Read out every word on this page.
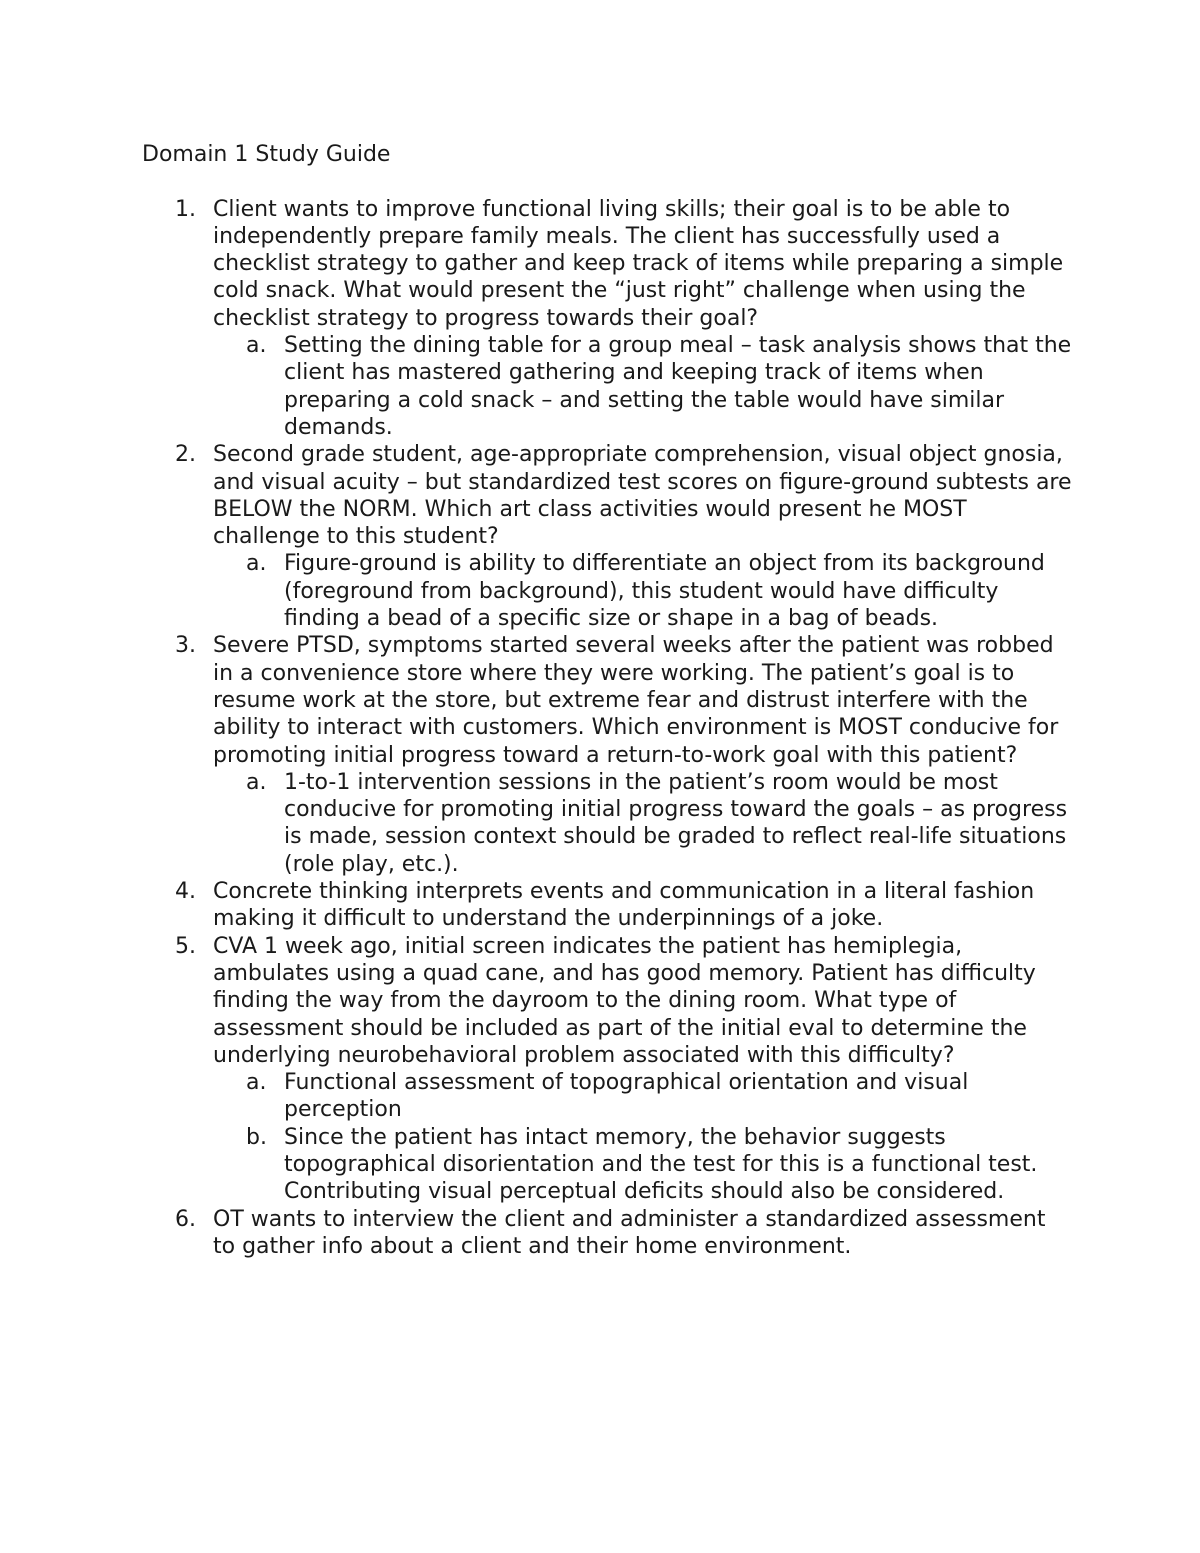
Domain 1 Study Guide
1. Client wants to improve functional living skills; their goal is to be able to independently prepare family meals. The client has successfully used a checklist strategy to gather and keep track of items while preparing a simple cold snack. What would present the “just right” challenge when using the checklist strategy to progress towards their goal?
a. Setting the dining table for a group meal – task analysis shows that the client has mastered gathering and keeping track of items when preparing a cold snack – and setting the table would have similar demands.
2. Second grade student, age-appropriate comprehension, visual object gnosia, and visual acuity – but standardized test scores on figure-ground subtests are BELOW the NORM. Which art class activities would present he MOST challenge to this student?
a. Figure-ground is ability to differentiate an object from its background (foreground from background), this student would have difficulty finding a bead of a specific size or shape in a bag of beads.
3. Severe PTSD, symptoms started several weeks after the patient was robbed in a convenience store where they were working. The patient’s goal is to resume work at the store, but extreme fear and distrust interfere with the ability to interact with customers. Which environment is MOST conducive for promoting initial progress toward a return-to-work goal with this patient?
a. 1-to-1 intervention sessions in the patient’s room would be most conducive for promoting initial progress toward the goals – as progress is made, session context should be graded to reflect real-life situations (role play, etc.).
4. Concrete thinking interprets events and communication in a literal fashion making it difficult to understand the underpinnings of a joke.
5. CVA 1 week ago, initial screen indicates the patient has hemiplegia, ambulates using a quad cane, and has good memory. Patient has difficulty finding the way from the dayroom to the dining room. What type of assessment should be included as part of the initial eval to determine the underlying neurobehavioral problem associated with this difficulty?
a. Functional assessment of topographical orientation and visual perception
b. Since the patient has intact memory, the behavior suggests topographical disorientation and the test for this is a functional test. Contributing visual perceptual deficits should also be considered.
6. OT wants to interview the client and administer a standardized assessment to gather info about a client and their home environment.
